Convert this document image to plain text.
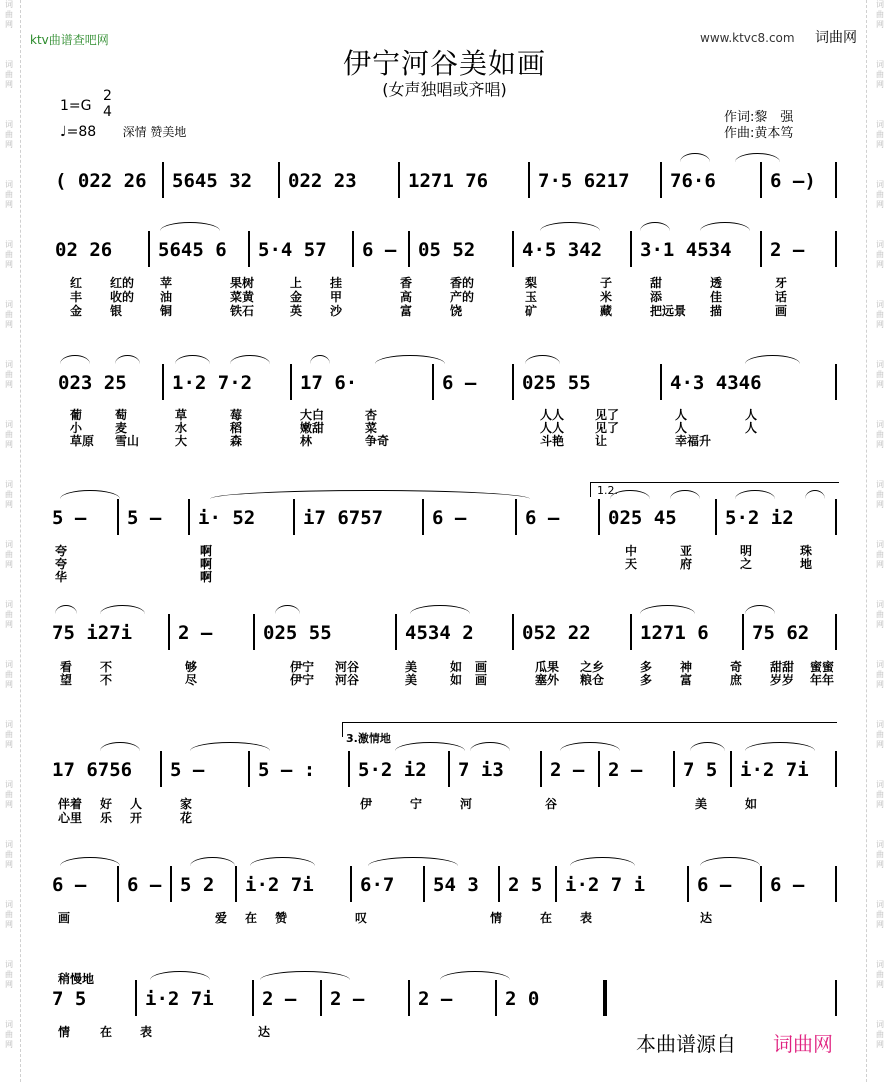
词
曲
网
词
曲
网
词
曲
网
词
曲
网
词
曲
网
词
曲
网
词
曲
网
词
曲
网
词
曲
网
词
曲
网
词
曲
网
词
曲
网
词
曲
网
词
曲
网
词
曲
网
词
曲
网
词
曲
网
词
曲
网
词
曲
网
词
曲
网
词
曲
网
词
曲
网
词
曲
网
词
曲
网
词
曲
网
词
曲
网
词
曲
网
词
曲
网
词
曲
网
词
曲
网
词
曲
网
词
曲
网
词
曲
网
词
曲
网
词
曲
网
词
曲
网
ktv曲谱查吧网	www.ktvc8.com 词曲网
伊宁河谷美如画
(女声独唱或齐唱)
1=G
2
4
♩=88 深情 赞美地
作词:黎　强
作曲:黄本笃
( 022 26 5645 32 022 23	1271 76	7·5 6217 76·6	6 –)
02 26 5645 6 5·4 57 6 – 05 52 4·5 342 3·1 4534 2 –
023 25 1·2 7·2	17 6·	6 – 025 55	4·3 4346
5 – 5 – i· 52	i7 6757	6 –	6 –	025 45	5·2 i2
75 i27i 2 –	025 55	4534 2	052 22	1271 6 75 62
17 6756 5 –	5 – : 5·2 i2 7 i3 2 – 2 – 7 5 i·2 7i
6 – 6 – 5 2 i·2 7i 6·7 54 3 2 5 i·2 7 i	6 – 6 –
7 5	i·2 7i	2 – 2 –	2 –	2 0
1.2.
3.激情地
稍慢地
红 红的 苹	果树	上 挂	香	香的	梨	子	甜	透	牙
丰 收的 油	菜黄	金 甲	高	产的	玉	米	添	佳	话
金 银	铜	铁石	英 沙	富	饶	矿	藏	把远景 描	画
葡	萄	草	莓	大白	杏	人人	见了	人	人
小	麦	水	稻	嫩甜	菜	人人	见了	人	人
草原 雪山	大	森	林	争奇	斗艳	让	幸福升
夸	啊	中	亚	明	珠
夸	啊	天	府	之	地
华	啊
看 不	够	伊宁 河谷	美	如 画	瓜果 之乡	多 神	奇 甜甜 蜜蜜
望 不	尽	伊宁 河谷	美	如 画	塞外 粮仓	多 富	庶 岁岁 年年
伴着 好 人	家	伊	宁	河	谷	美	如
心里 乐 开	花
画	爱 在 赞	叹	情	在 表	达
情 在 表	达	本曲谱源自 词曲网
